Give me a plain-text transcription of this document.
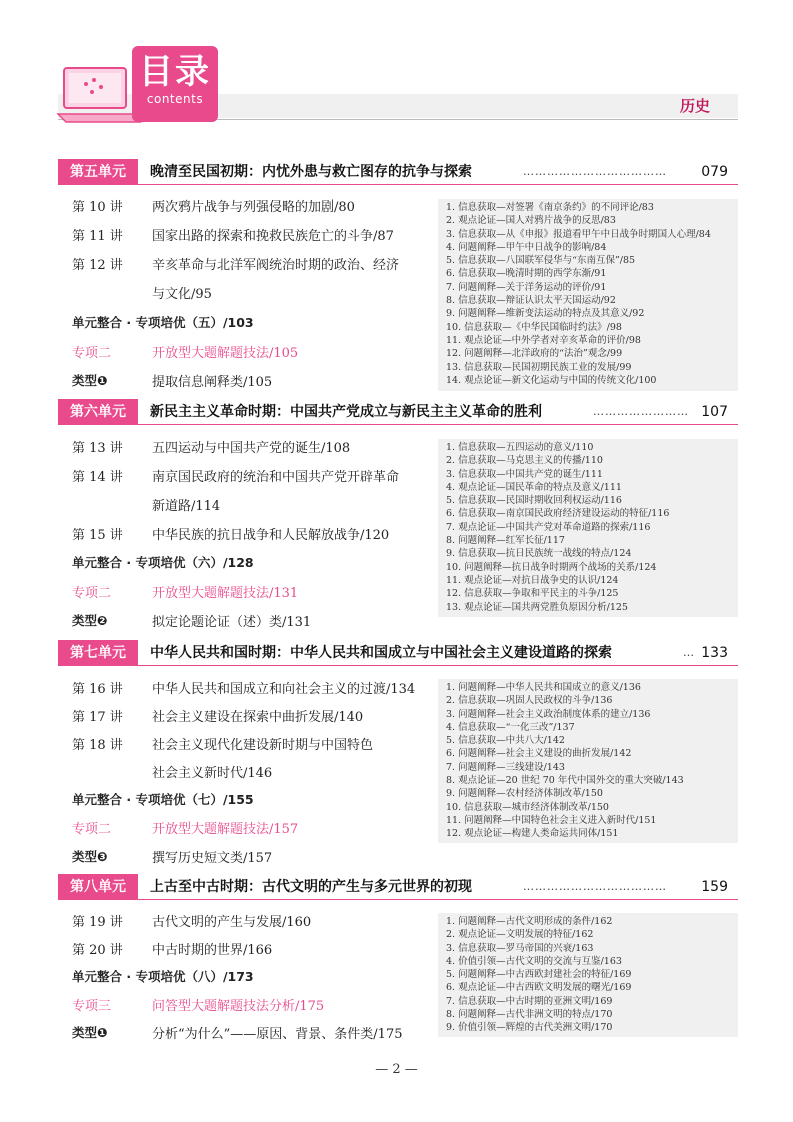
目录
contents	历史
第五单元	晚清至民国初期：内忧外患与救亡图存的抗争与探索	……………………………… 079
第 10 讲 两次鸦片战争与列强侵略的加剧/80
第 11 讲 国家出路的探索和挽救民族危亡的斗争/87
第 12 讲 辛亥革命与北洋军阀统治时期的政治、经济
与文化/95
单元整合 · 专项培优（五）/103
专项二	开放型大题解题技法/105
类型❶	提取信息阐释类/105
1. 信息获取—对签署《南京条约》的不同评论/83
2. 观点论证—国人对鸦片战争的反思/83
3. 信息获取—从《申报》报道看甲午中日战争时期国人心理/84
4. 问题阐释—甲午中日战争的影响/84
5. 信息获取—八国联军侵华与“东南互保”/85
6. 信息获取—晚清时期的西学东渐/91
7. 问题阐释—关于洋务运动的评价/91
8. 信息获取—辩证认识太平天国运动/92
9. 问题阐释—维新变法运动的特点及其意义/92
10. 信息获取—《中华民国临时约法》/98
11. 观点论证—中外学者对辛亥革命的评价/98
12. 问题阐释—北洋政府的“法治”观念/99
13. 信息获取—民国初期民族工业的发展/99
14. 观点论证—新文化运动与中国的传统文化/100
第六单元	新民主主义革命时期：中国共产党成立与新民主主义革命的胜利	…………………… 107
第 13 讲 五四运动与中国共产党的诞生/108
第 14 讲 南京国民政府的统治和中国共产党开辟革命
新道路/114
第 15 讲 中华民族的抗日战争和人民解放战争/120
单元整合 · 专项培优（六）/128
专项二	开放型大题解题技法/131
类型❷	拟定论题论证（述）类/131
1. 信息获取—五四运动的意义/110
2. 信息获取—马克思主义的传播/110
3. 信息获取—中国共产党的诞生/111
4. 观点论证—国民革命的特点及意义/111
5. 信息获取—民国时期收回利权运动/116
6. 信息获取—南京国民政府经济建设运动的特征/116
7. 观点论证—中国共产党对革命道路的探索/116
8. 问题阐释—红军长征/117
9. 信息获取—抗日民族统一战线的特点/124
10. 问题阐释—抗日战争时期两个战场的关系/124
11. 观点论证—对抗日战争史的认识/124
12. 信息获取—争取和平民主的斗争/125
13. 观点论证—国共两党胜负原因分析/125
第七单元	中华人民共和国时期：中华人民共和国成立与中国社会主义建设道路的探索	… 133
第 16 讲 中华人民共和国成立和向社会主义的过渡/134
第 17 讲 社会主义建设在探索中曲折发展/140
第 18 讲 社会主义现代化建设新时期与中国特色
社会主义新时代/146
单元整合 · 专项培优（七）/155
专项二	开放型大题解题技法/157
类型❸	撰写历史短文类/157
1. 问题阐释—中华人民共和国成立的意义/136
2. 信息获取—巩固人民政权的斗争/136
3. 问题阐释—社会主义政治制度体系的建立/136
4. 信息获取—“一化三改”/137
5. 信息获取—中共八大/142
6. 问题阐释—社会主义建设的曲折发展/142
7. 问题阐释—三线建设/143
8. 观点论证—20 世纪 70 年代中国外交的重大突破/143
9. 问题阐释—农村经济体制改革/150
10. 信息获取—城市经济体制改革/150
11. 问题阐释—中国特色社会主义进入新时代/151
12. 观点论证—构建人类命运共同体/151
第八单元	上古至中古时期：古代文明的产生与多元世界的初现	……………………………… 159
第 19 讲 古代文明的产生与发展/160
第 20 讲 中古时期的世界/166
单元整合 · 专项培优（八）/173
专项三	问答型大题解题技法分析/175
类型❶	分析“为什么”——原因、背景、条件类/175
1. 问题阐释—古代文明形成的条件/162
2. 观点论证—文明发展的特征/162
3. 信息获取—罗马帝国的兴衰/163
4. 价值引领—古代文明的交流与互鉴/163
5. 问题阐释—中古西欧封建社会的特征/169
6. 观点论证—中古西欧文明发展的曙光/169
7. 信息获取—中古时期的亚洲文明/169
8. 问题阐释—古代非洲文明的特点/170
9. 价值引领—辉煌的古代美洲文明/170
— 2 —
